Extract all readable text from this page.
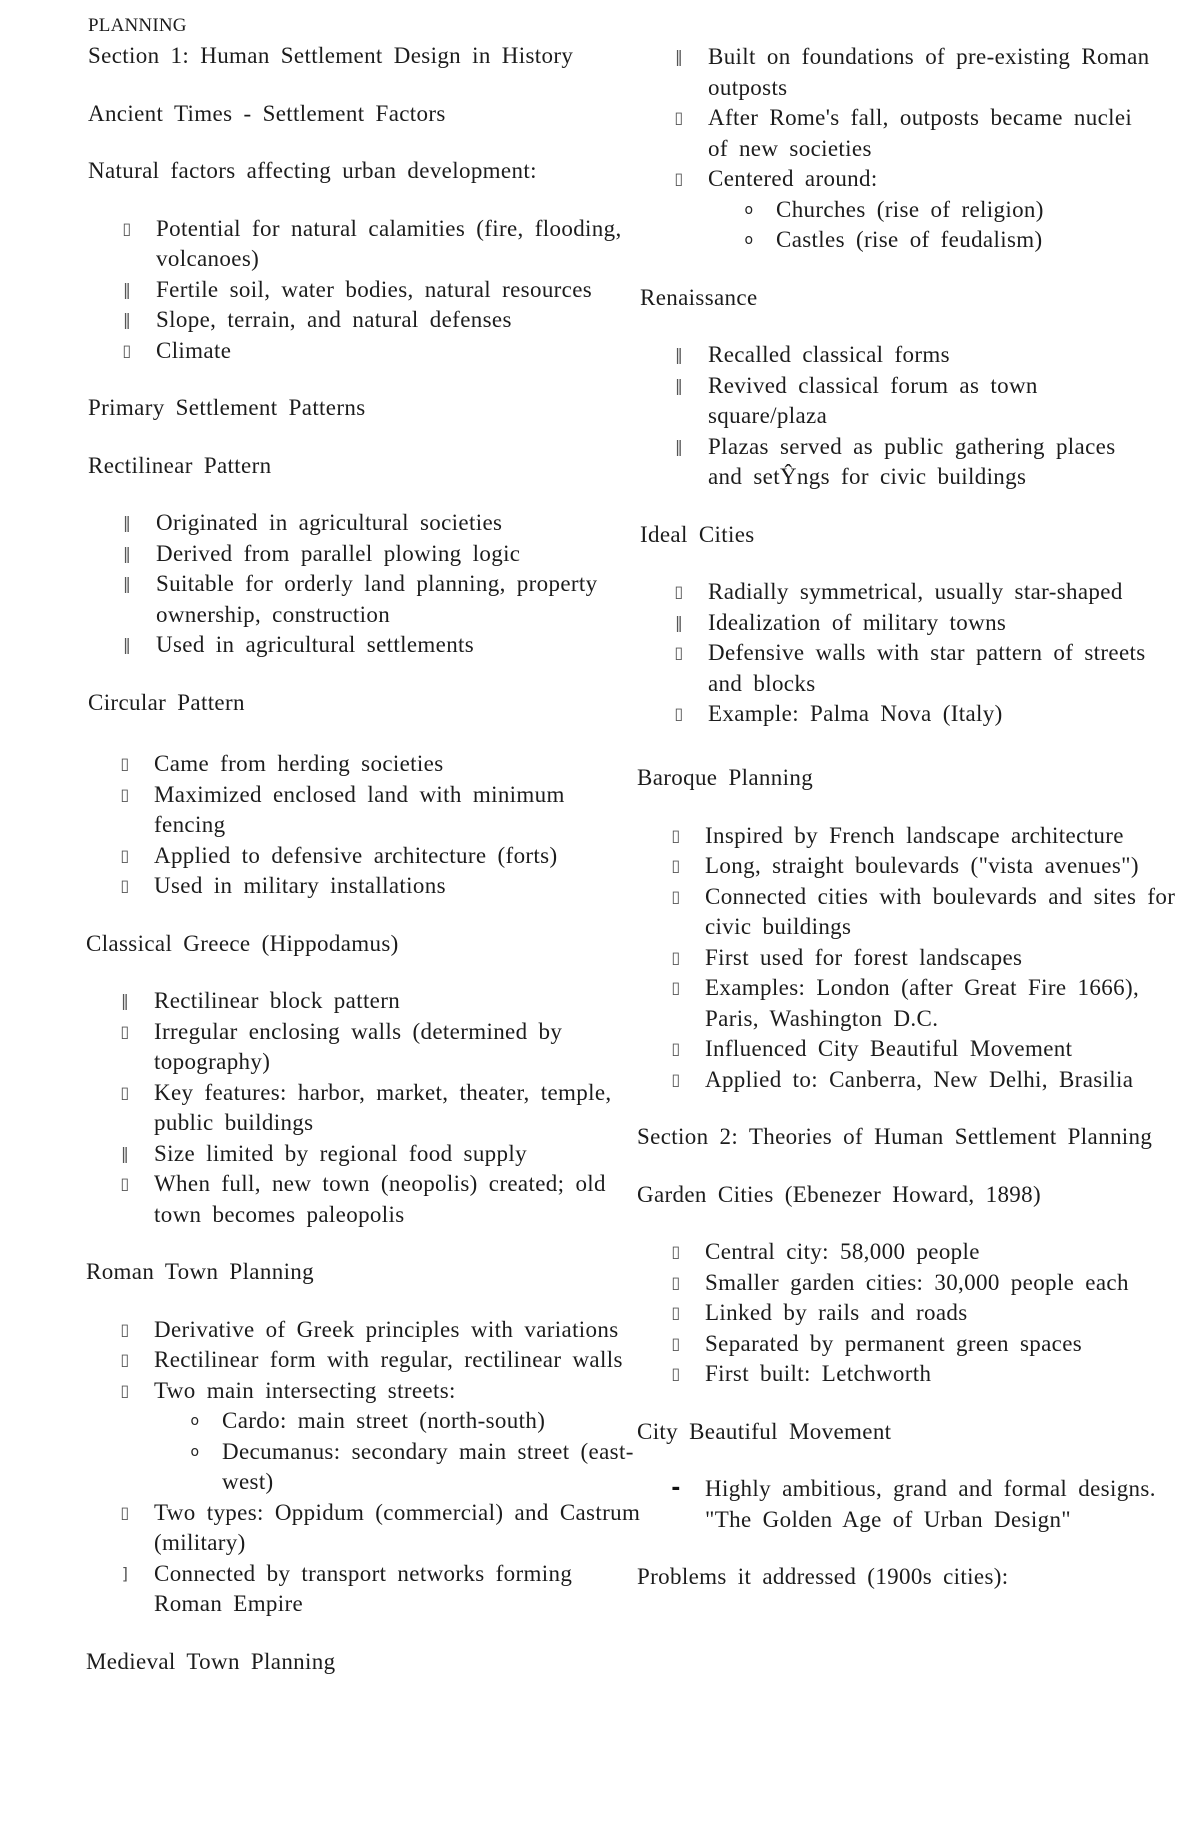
PLANNING
Section 1: Human Settlement Design in History
Ancient Times - Settlement Factors
Natural factors affecting urban development:
▯ Potential for natural calamities (fire, flooding, volcanoes)
‖ Fertile soil, water bodies, natural resources
‖ Slope, terrain, and natural defenses
▯ Climate
Primary Settlement Patterns
Rectilinear Pattern
‖ Originated in agricultural societies
‖ Derived from parallel plowing logic
‖ Suitable for orderly land planning, property ownership, construction
‖ Used in agricultural settlements
Circular Pattern
▯ Came from herding societies
▯ Maximized enclosed land with minimum fencing
▯ Applied to defensive architecture (forts)
▯ Used in military installations
Classical Greece (Hippodamus)
‖ Rectilinear block pattern
▯ Irregular enclosing walls (determined by topography)
▯ Key features: harbor, market, theater, temple, public buildings
‖ Size limited by regional food supply
▯ When full, new town (neopolis) created; old town becomes paleopolis
Roman Town Planning
▯ Derivative of Greek principles with variations
▯ Rectilinear form with regular, rectilinear walls
▯ Two main intersecting streets:
o Cardo: main street (north-south)
o Decumanus: secondary main street (east-west)
▯ Two types: Oppidum (commercial) and Castrum (military)
] Connected by transport networks forming Roman Empire
Medieval Town Planning
‖ Built on foundations of pre-existing Roman outposts
▯ After Rome's fall, outposts became nuclei of new societies
▯ Centered around:
o Churches (rise of religion)
o Castles (rise of feudalism)
Renaissance
‖ Recalled classical forms
‖ Revived classical forum as town square/plaza
‖ Plazas served as public gathering places and setŶngs for civic buildings
Ideal Cities
▯ Radially symmetrical, usually star-shaped
‖ Idealization of military towns
▯ Defensive walls with star pattern of streets and blocks
▯ Example: Palma Nova (Italy)
Baroque Planning
▯ Inspired by French landscape architecture
▯ Long, straight boulevards ("vista avenues")
▯ Connected cities with boulevards and sites for civic buildings
▯ First used for forest landscapes
▯ Examples: London (after Great Fire 1666), Paris, Washington D.C.
▯ Influenced City Beautiful Movement
▯ Applied to: Canberra, New Delhi, Brasilia
Section 2: Theories of Human Settlement Planning
Garden Cities (Ebenezer Howard, 1898)
▯ Central city: 58,000 people
▯ Smaller garden cities: 30,000 people each
▯ Linked by rails and roads
▯ Separated by permanent green spaces
▯ First built: Letchworth
City Beautiful Movement
- Highly ambitious, grand and formal designs. "The Golden Age of Urban Design"
Problems it addressed (1900s cities):
